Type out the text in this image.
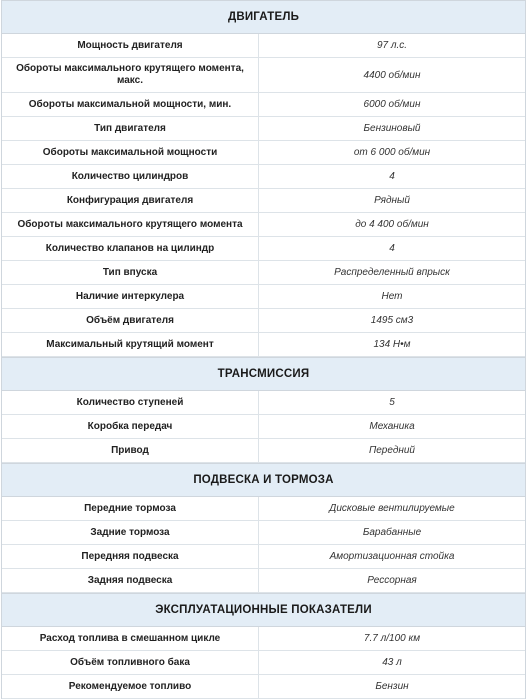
ДВИГАТЕЛЬ
Мощность двигателя	97 л.с.
Обороты максимального крутящего момента, макс.	4400 об/мин
Обороты максимальной мощности, мин.	6000 об/мин
Тип двигателя	Бензиновый
Обороты максимальной мощности	от 6 000 об/мин
Количество цилиндров	4
Конфигурация двигателя	Рядный
Обороты максимального крутящего момента	до 4 400 об/мин
Количество клапанов на цилиндр	4
Тип впуска	Распределенный впрыск
Наличие интеркулера	Нет
Объём двигателя	1495 см3
Максимальный крутящий момент	134 Н•м
ТРАНСМИССИЯ
Количество ступеней	5
Коробка передач	Механика
Привод	Передний
ПОДВЕСКА И ТОРМОЗА
Передние тормоза	Дисковые вентилируемые
Задние тормоза	Барабанные
Передняя подвеска	Амортизационная стойка
Задняя подвеска	Рессорная
ЭКСПЛУАТАЦИОННЫЕ ПОКАЗАТЕЛИ
Расход топлива в смешанном цикле	7.7 л/100 км
Объём топливного бака	43 л
Рекомендуемое топливо	Бензин
